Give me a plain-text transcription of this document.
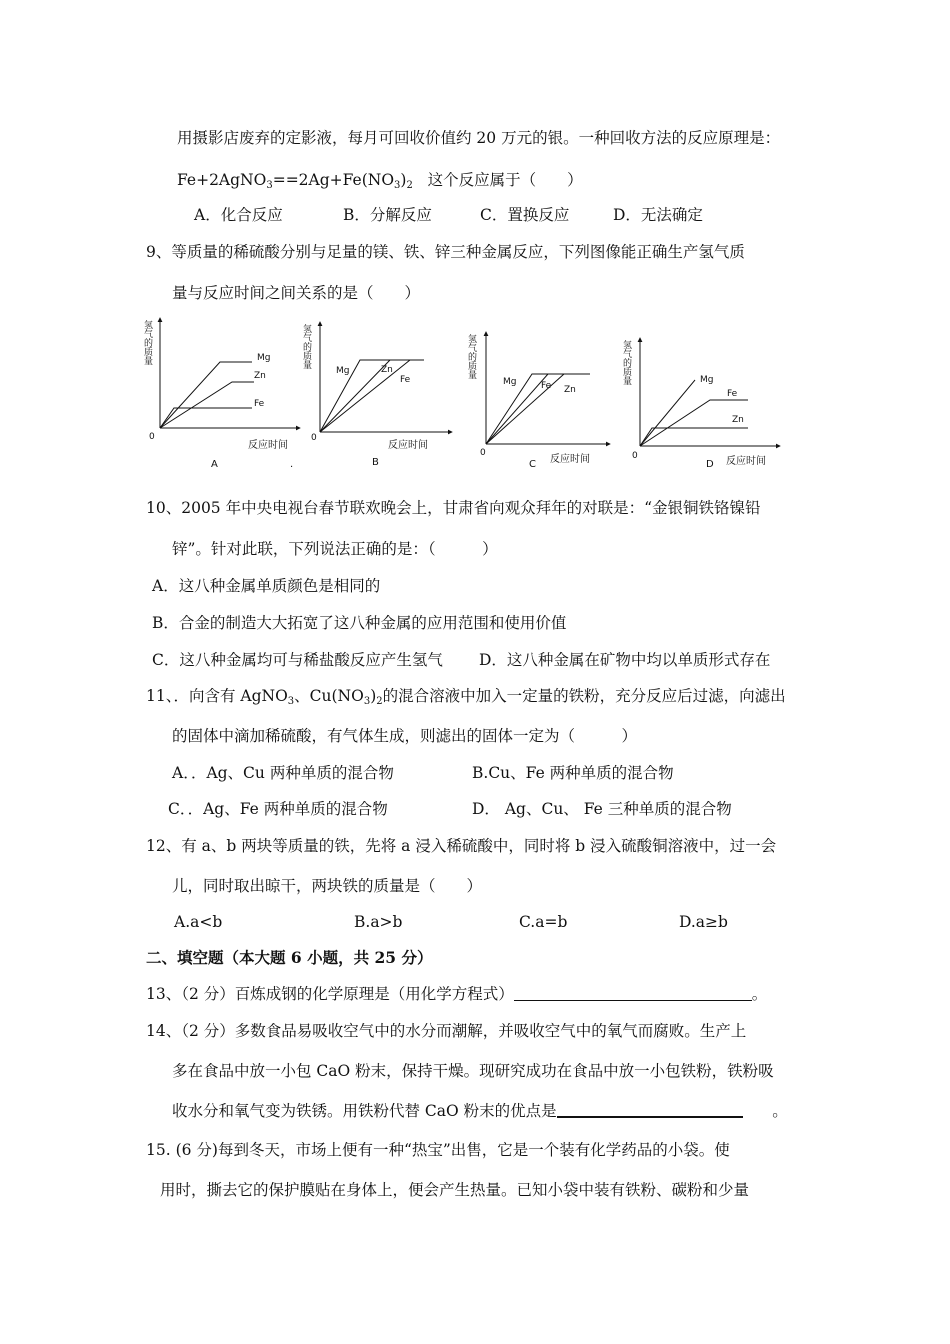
用摄影店废弃的定影液，每月可回收价值约 20 万元的银。一种回收方法的反应原理是：
$Fe+2AgNO_3==2Ag+Fe(NO_3)_2$ 这个反应属于（　　）
A．化合反应	B．分解反应	C．置换反应	D．无法确定
9、等质量的稀硫酸分别与足量的镁、铁、锌三种金属反应，下列图像能正确生产氢气质
量与反应时间之间关系的是（　　）
Mg
Zn
Fe
0
反应时间
氢气的质量
A	.
Mg	Zn
Fe
0
反应时间
氢气的质量
B
Mg	Fe Zn
0
反应时间
氢气的质量
C
Mg
Fe
Zn
0	反应时间
氢气的质量
D
10、2005 年中央电视台春节联欢晚会上，甘肃省向观众拜年的对联是：“金银铜铁铬镍铅
锌”。针对此联，下列说法正确的是：（　　　）
A．这八种金属单质颜色是相同的
B．合金的制造大大拓宽了这八种金属的应用范围和使用价值
C．这八种金属均可与稀盐酸反应产生氢气 D．这八种金属在矿物中均以单质形式存在
11、．向含有 AgNO$_3$、$Cu(NO_3)_2$的混合溶液中加入一定量的铁粉，充分反应后过滤，向滤出
的固体中滴加稀硫酸，有气体生成，则滤出的固体一定为（　　　）
A．．Ag、Cu 两种单质的混合物	B.Cu、Fe 两种单质的混合物
C．．Ag、Fe 两种单质的混合物	D． Ag、Cu、 Fe 三种单质的混合物
12、有 a、b 两块等质量的铁，先将 a 浸入稀硫酸中，同时将 b 浸入硫酸铜溶液中，过一会
儿，同时取出晾干，两块铁的质量是（　　）
A.a<b	B.a>b	C.a=b	D.a≥b
二、填空题（本大题 6 小题，共 25 分）
13、（2 分）百炼成钢的化学原理是（用化学方程式）	。
14、（2 分）多数食品易吸收空气中的水分而潮解，并吸收空气中的氧气而腐败。生产上
多在食品中放一小包 CaO 粉末，保持干燥。现研究成功在食品中放一小包铁粉，铁粉吸
收水分和氧气变为铁锈。用铁粉代替 CaO 粉末的优点是	。
15. (6 分)每到冬天，市场上便有一种“热宝”出售，它是一个装有化学药品的小袋。使
用时，撕去它的保护膜贴在身体上，便会产生热量。已知小袋中装有铁粉、碳粉和少量
